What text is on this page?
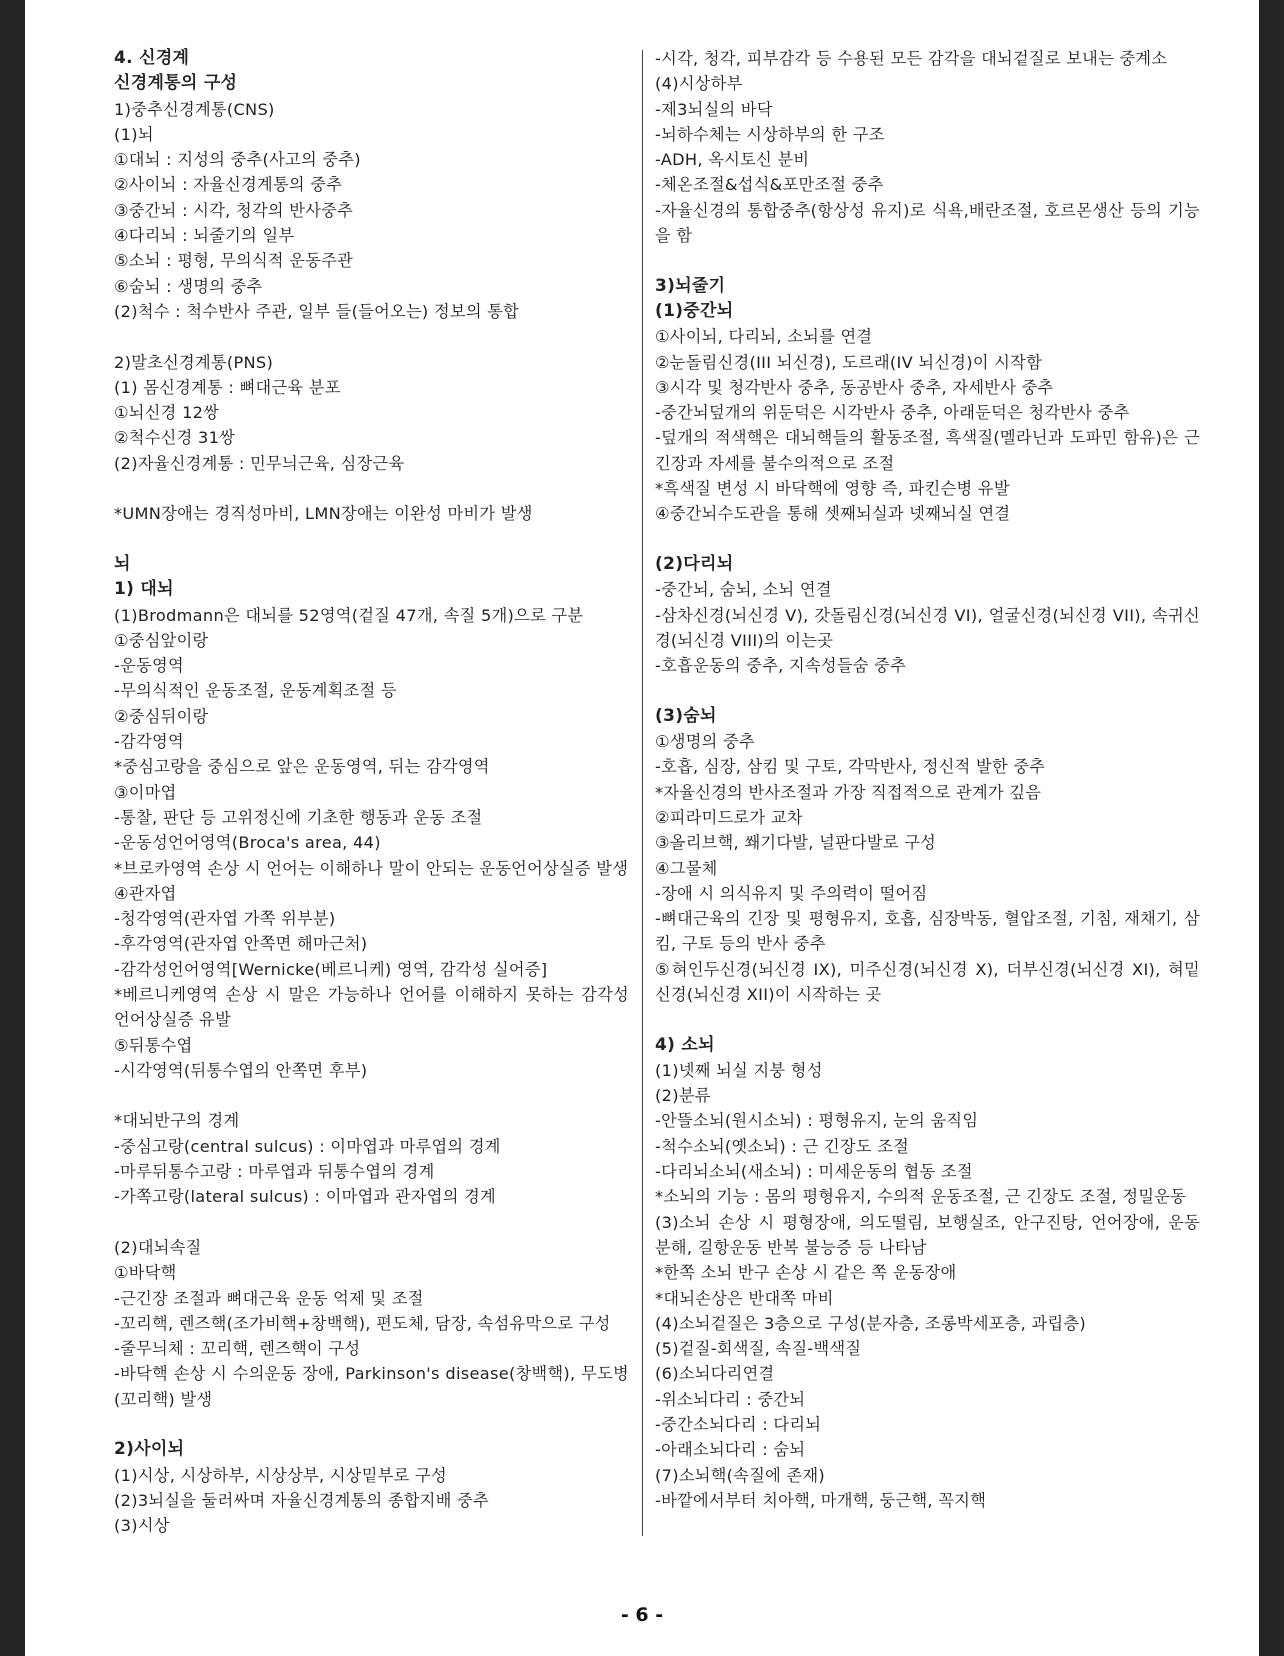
4. 신경계
신경계통의 구성
1)중추신경계통(CNS)
(1)뇌
①대뇌 : 지성의 중추(사고의 중추)
②사이뇌 : 자율신경계통의 중추
③중간뇌 : 시각, 청각의 반사중추
④다리뇌 : 뇌줄기의 일부
⑤소뇌 : 평형, 무의식적 운동주관
⑥숨뇌 : 생명의 중추
(2)척수 : 척수반사 주관, 일부 들(들어오는) 정보의 통합
2)말초신경계통(PNS)
(1) 몸신경계통 : 뼈대근육 분포
①뇌신경 12쌍
②척수신경 31쌍
(2)자율신경계통 : 민무늬근육, 심장근육
*UMN장애는 경직성마비, LMN장애는 이완성 마비가 발생
뇌
1) 대뇌
(1)Brodmann은 대뇌를 52영역(겉질 47개, 속질 5개)으로 구분
①중심앞이랑
-운동영역
-무의식적인 운동조절, 운동계획조절 등
②중심뒤이랑
-감각영역
*중심고랑을 중심으로 앞은 운동영역, 뒤는 감각영역
③이마엽
-통찰, 판단 등 고위정신에 기초한 행동과 운동 조절
-운동성언어영역(Broca's area, 44)
*브로카영역 손상 시 언어는 이해하나 말이 안되는 운동언어상실증 발생
④관자엽
-청각영역(관자엽 가쪽 위부분)
-후각영역(관자엽 안쪽면 해마근처)
-감각성언어영역[Wernicke(베르니케) 영역, 감각성 실어증]
*베르니케영역 손상 시 말은 가능하나 언어를 이해하지 못하는 감각성 언어상실증 유발
⑤뒤통수엽
-시각영역(뒤통수엽의 안쪽면 후부)
*대뇌반구의 경계
-중심고랑(central sulcus) : 이마엽과 마루엽의 경계
-마루뒤통수고랑 : 마루엽과 뒤통수엽의 경계
-가쪽고랑(lateral sulcus) : 이마엽과 관자엽의 경계
(2)대뇌속질
①바닥핵
-근긴장 조절과 뼈대근육 운동 억제 및 조절
-꼬리핵, 렌즈핵(조가비핵+창백핵), 편도체, 담장, 속섬유막으로 구성
-줄무늬체 : 꼬리핵, 렌즈핵이 구성
-바닥핵 손상 시 수의운동 장애, Parkinson's disease(창백핵), 무도병(꼬리핵) 발생
2)사이뇌
(1)시상, 시상하부, 시상상부, 시상밑부로 구성
(2)3뇌실을 둘러싸며 자율신경계통의 종합지배 중추
(3)시상
-시각, 청각, 피부감각 등 수용된 모든 감각을 대뇌겉질로 보내는 중계소
(4)시상하부
-제3뇌실의 바닥
-뇌하수체는 시상하부의 한 구조
-ADH, 옥시토신 분비
-체온조절&섭식&포만조절 중추
-자율신경의 통합중추(항상성 유지)로 식욕,배란조절, 호르몬생산 등의 기능을 함
3)뇌줄기
(1)중간뇌
①사이뇌, 다리뇌, 소뇌를 연결
②눈돌림신경(III 뇌신경), 도르래(IV 뇌신경)이 시작함
③시각 및 청각반사 중추, 동공반사 중추, 자세반사 중추
-중간뇌덮개의 위둔덕은 시각반사 중추, 아래둔덕은 청각반사 중추
-덮개의 적색핵은 대뇌핵들의 활동조절, 흑색질(멜라닌과 도파민 함유)은 근긴장과 자세를 불수의적으로 조절
*흑색질 변성 시 바닥핵에 영향 즉, 파킨슨병 유발
④중간뇌수도관을 통해 셋째뇌실과 넷째뇌실 연결
(2)다리뇌
-중간뇌, 숨뇌, 소뇌 연결
-삼차신경(뇌신경 V), 갓돌림신경(뇌신경 VI), 얼굴신경(뇌신경 VII), 속귀신경(뇌신경 VIII)의 이는곳
-호흡운동의 중추, 지속성들숨 중추
(3)숨뇌
①생명의 중추
-호흡, 심장, 삼킴 및 구토, 각막반사, 정신적 발한 중추
*자율신경의 반사조절과 가장 직접적으로 관계가 깊음
②피라미드로가 교차
③올리브핵, 쐐기다발, 널판다발로 구성
④그물체
-장애 시 의식유지 및 주의력이 떨어짐
-뼈대근육의 긴장 및 평형유지, 호흡, 심장박동, 혈압조절, 기침, 재채기, 삼킴, 구토 등의 반사 중추
⑤혀인두신경(뇌신경 IX), 미주신경(뇌신경 X), 더부신경(뇌신경 XI), 혀밑신경(뇌신경 XII)이 시작하는 곳
4) 소뇌
(1)넷째 뇌실 지붕 형성
(2)분류
-안뜰소뇌(원시소뇌) : 평형유지, 눈의 움직임
-척수소뇌(옛소뇌) : 근 긴장도 조절
-다리뇌소뇌(새소뇌) : 미세운동의 협동 조절
*소뇌의 기능 : 몸의 평형유지, 수의적 운동조절, 근 긴장도 조절, 정밀운동
(3)소뇌 손상 시 평형장애, 의도떨림, 보행실조, 안구진탕, 언어장애, 운동 분해, 길항운동 반복 불능증 등 나타남
*한쪽 소뇌 반구 손상 시 같은 쪽 운동장애
*대뇌손상은 반대쪽 마비
(4)소뇌겉질은 3층으로 구성(분자층, 조롱박세포층, 과립층)
(5)겉질-회색질, 속질-백색질
(6)소뇌다리연결
-위소뇌다리 : 중간뇌
-중간소뇌다리 : 다리뇌
-아래소뇌다리 : 숨뇌
(7)소뇌핵(속질에 존재)
-바깥에서부터 치아핵, 마개핵, 둥근핵, 꼭지핵
- 6 -
